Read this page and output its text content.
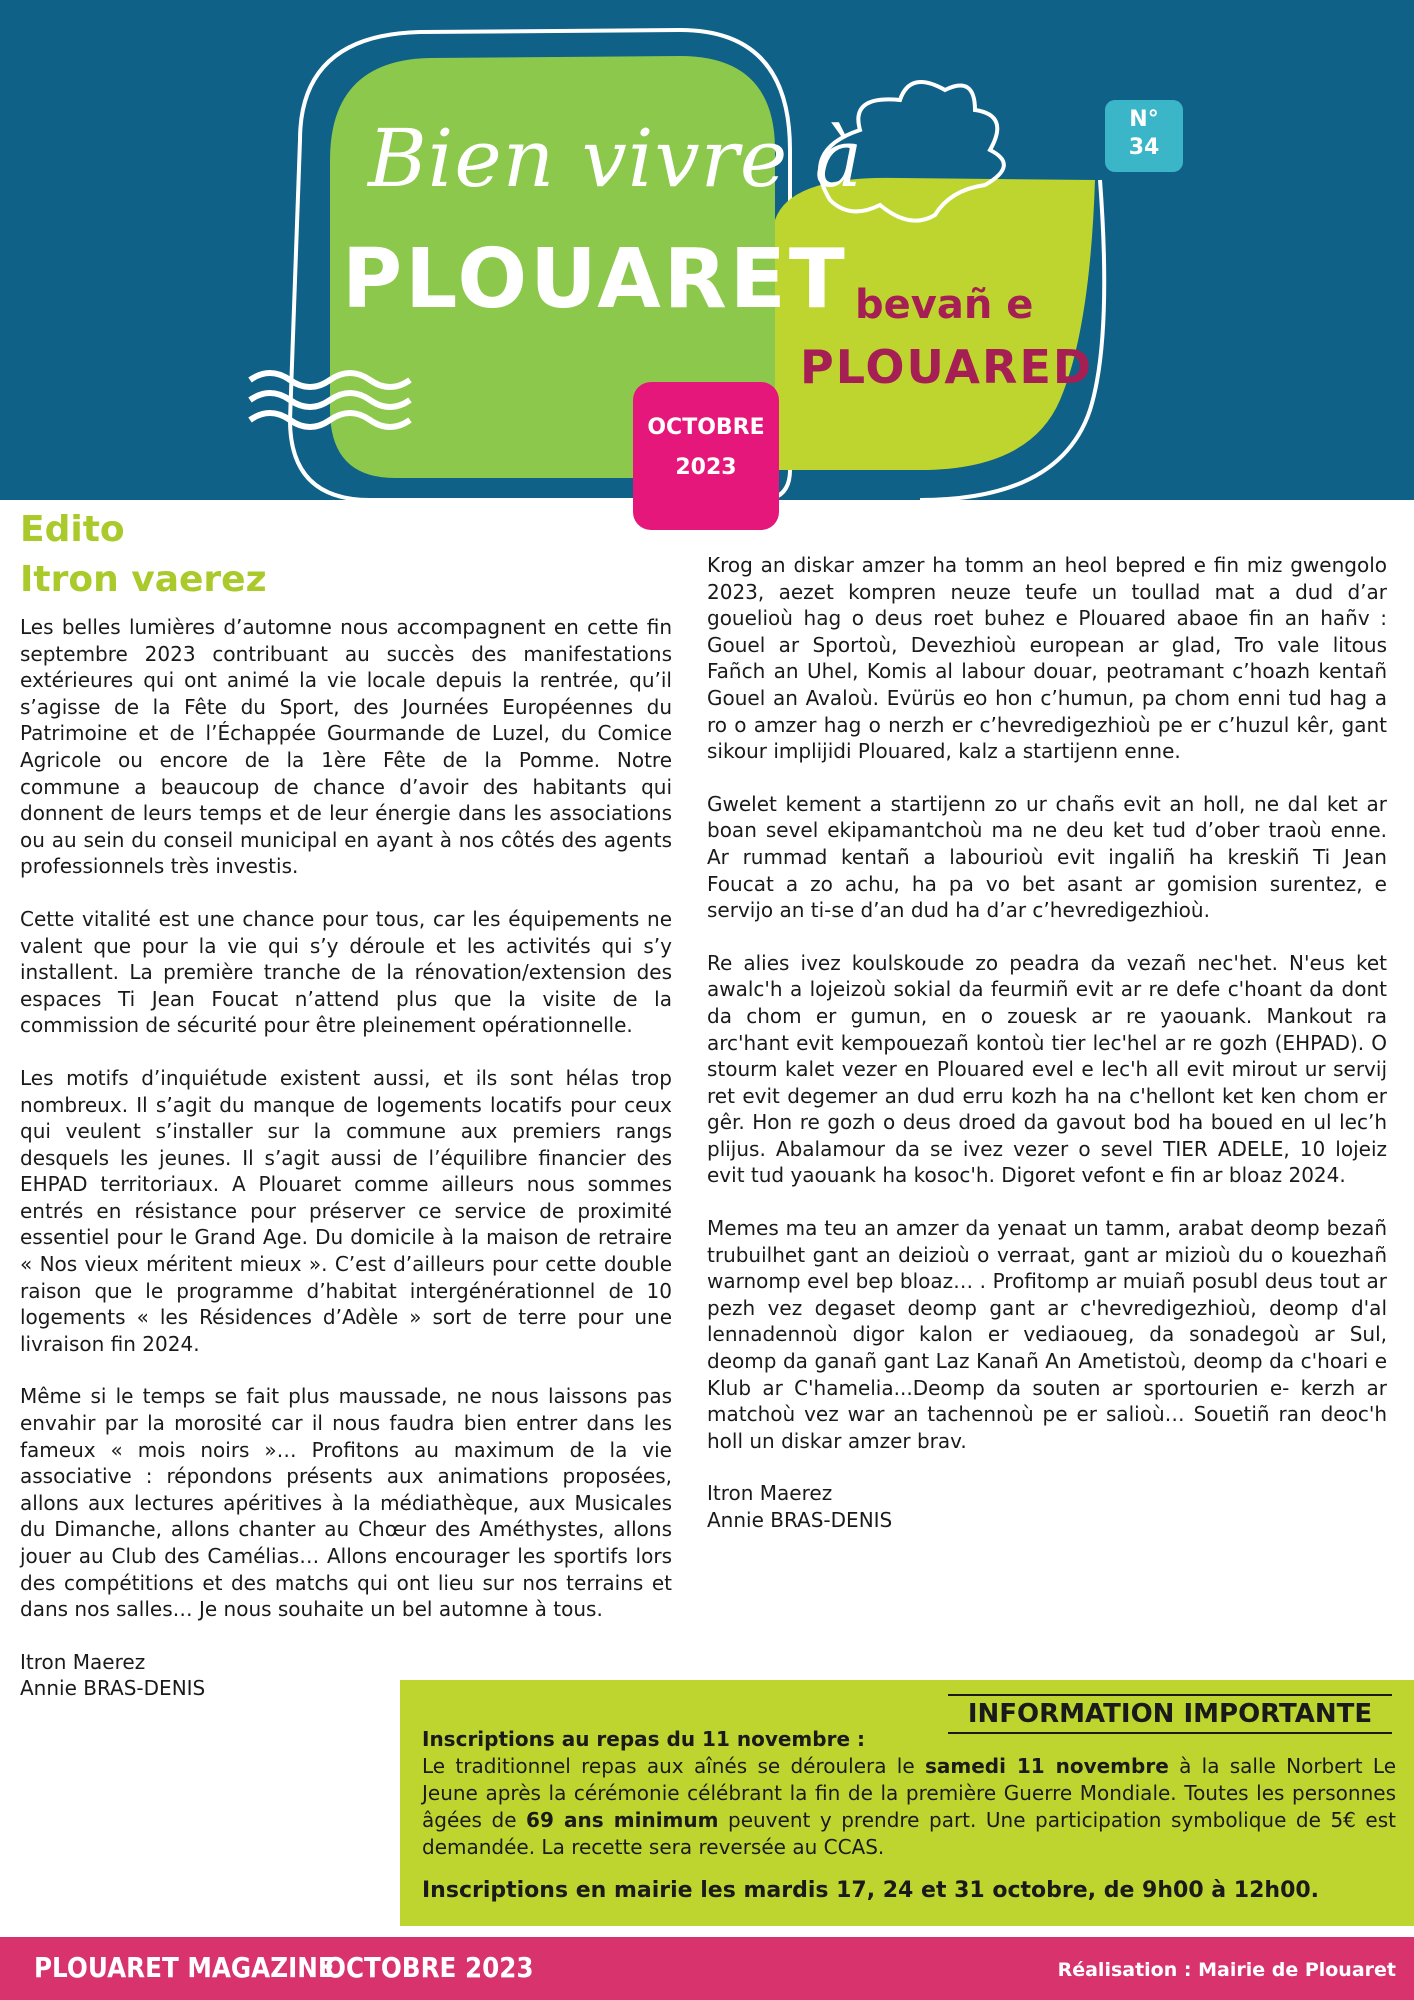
Bien vivre à
PLOUARET bevañ e
PLOUARED
N°
34
OCTOBRE
2023
Edito
Itron vaerez

Les belles lumières d’automne nous accompagnent en cette fin septembre 2023 contribuant au succès des manifestations extérieures qui ont animé la vie locale depuis la rentrée, qu’il s’agisse de la Fête du Sport, des Journées Européennes du Patrimoine et de l’Échappée Gourmande de Luzel, du Comice Agricole ou encore de la 1ère Fête de la Pomme. Notre commune a beaucoup de chance d’avoir des habitants qui donnent de leurs temps et de leur énergie dans les associations ou au sein du conseil municipal en ayant à nos côtés des agents professionnels très investis.

Cette vitalité est une chance pour tous, car les équipements ne valent que pour la vie qui s’y déroule et les activités qui s’y installent. La première tranche de la rénovation/extension des espaces Ti Jean Foucat n’attend plus que la visite de la commission de sécurité pour être pleinement opérationnelle.

Les motifs d’inquiétude existent aussi, et ils sont hélas trop nombreux. Il s’agit du manque de logements locatifs pour ceux qui veulent s’installer sur la commune aux premiers rangs desquels les jeunes. Il s’agit aussi de l’équilibre financier des EHPAD territoriaux. A Plouaret comme ailleurs nous sommes entrés en résistance pour préserver ce service de proximité essentiel pour le Grand Age. Du domicile à la maison de retraire « Nos vieux méritent mieux ». C’est d’ailleurs pour cette double raison que le programme d’habitat intergénérationnel de 10 logements « les Résidences d’Adèle » sort de terre pour une livraison fin 2024.

Même si le temps se fait plus maussade, ne nous laissons pas envahir par la morosité car il nous faudra bien entrer dans les fameux « mois noirs »… Profitons au maximum de la vie associative : répondons présents aux animations proposées, allons aux lectures apéritives à la médiathèque, aux Musicales du Dimanche, allons chanter au Chœur des Améthystes, allons jouer au Club des Camélias… Allons encourager les sportifs lors des compétitions et des matchs qui ont lieu sur nos terrains et dans nos salles… Je nous souhaite un bel automne à tous.

Itron Maerez
Annie BRAS-DENIS

Krog an diskar amzer ha tomm an heol bepred e fin miz gwengolo 2023, aezet kompren neuze teufe un toullad mat a dud d’ar gouelioù hag o deus roet buhez e Plouared abaoe fin an hañv : Gouel ar Sportoù, Devezhioù european ar glad, Tro vale litous Fañch an Uhel, Komis al labour douar, peotramant c’hoazh kentañ Gouel an Avaloù. Evürüs eo hon c’humun, pa chom enni tud hag a ro o amzer hag o nerzh er c’hevredigezhioù pe er c’huzul kêr, gant sikour implijidi Plouared, kalz a startijenn enne.

Gwelet kement a startijenn zo ur chañs evit an holl, ne dal ket ar boan sevel ekipamantchoù ma ne deu ket tud d’ober traoù enne. Ar rummad kentañ a labourioù evit ingaliñ ha kreskiñ Ti Jean Foucat a zo achu, ha pa vo bet asant ar gomision surentez, e servijo an ti-se d’an dud ha d’ar c’hevredigezhioù.

Re alies ivez koulskoude zo peadra da vezañ nec'het. N'eus ket awalc'h a lojeizoù sokial da feurmiñ evit ar re defe c'hoant da dont da chom er gumun, en o zouesk ar re yaouank. Mankout ra arc'hant evit kempouezañ kontoù tier lec'hel ar re gozh (EHPAD). O stourm kalet vezer en Plouared evel e lec'h all evit mirout ur servij ret evit degemer an dud erru kozh ha na c'hellont ket ken chom er gêr. Hon re gozh o deus droed da gavout bod ha boued en ul lec’h plijus. Abalamour da se ivez vezer o sevel TIER ADELE, 10 lojeiz evit tud yaouank ha kosoc'h. Digoret vefont e fin ar bloaz 2024.

Memes ma teu an amzer da yenaat un tamm, arabat deomp bezañ trubuilhet gant an deizioù o verraat, gant ar mizioù du o kouezhañ warnomp evel bep bloaz… . Profitomp ar muiañ posubl deus tout ar pezh vez degaset deomp gant ar c'hevredigezhioù, deomp d'al lennadennoù digor kalon er vediaoueg, da sonadegoù ar Sul, deomp da ganañ gant Laz Kanañ An Ametistoù, deomp da c'hoari e Klub ar C'hamelia...Deomp da souten ar sportourien e- kerzh ar matchoù vez war an tachennoù pe er salioù… Souetiñ ran deoc'h holl un diskar amzer brav.

Itron Maerez
Annie BRAS-DENIS
INFORMATION IMPORTANTE

Inscriptions au repas du 11 novembre :

Le traditionnel repas aux aînés se déroulera le samedi 11 novembre à la salle Norbert Le Jeune après la cérémonie célébrant la fin de la première Guerre Mondiale. Toutes les personnes âgées de 69 ans minimum peuvent y prendre part. Une participation symbolique de 5€ est demandée. La recette sera reversée au CCAS.

Inscriptions en mairie les mardis 17, 24 et 31 octobre, de 9h00 à 12h00.
PLOUARET MAGAZINE
OCTOBRE 2023	Réalisation : Mairie de Plouaret
